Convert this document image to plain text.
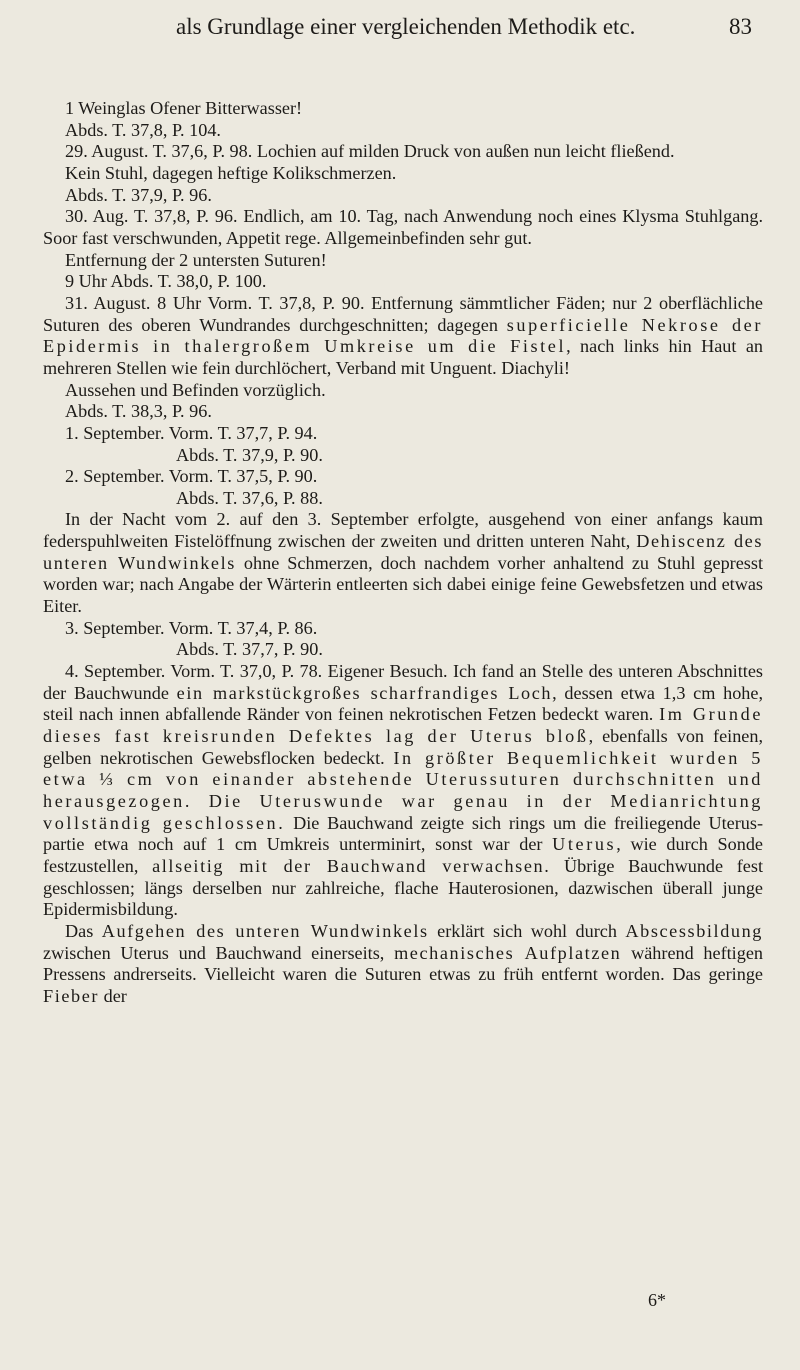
als Grundlage einer vergleichenden Methodik etc.	83

1 Weinglas Ofener Bitterwasser!

Abds. T. 37,8, P. 104.

29. August. T. 37,6, P. 98. Lochien auf milden Druck von außen nun leicht fließend.

Kein Stuhl, dagegen heftige Kolikschmerzen.

Abds. T. 37,9, P. 96.

30. Aug. T. 37,8, P. 96. Endlich, am 10. Tag, nach Anwendung noch eines Klysma Stuhlgang. Soor fast verschwunden, Appetit rege. Allgemeinbefinden sehr gut.

Entfernung der 2 untersten Suturen!

9 Uhr Abds. T. 38,0, P. 100.

31. August. 8 Uhr Vorm. T. 37,8, P. 90. Entfernung sämmtlicher Fäden; nur 2 oberflächliche Suturen des oberen Wundrandes durchgeschnitten; dagegen superficielle Nekrose der Epidermis in thalergroßem Umkreise um die Fistel, nach links hin Haut an mehreren Stellen wie fein durchlöchert, Verband mit Unguent. Diachyli!

Aussehen und Befinden vorzüglich.

Abds. T. 38,3, P. 96.

1. September. Vorm. T. 37,7, P. 94.

Abds. T. 37,9, P. 90.

2. September. Vorm. T. 37,5, P. 90.

Abds. T. 37,6, P. 88.

In der Nacht vom 2. auf den 3. September erfolgte, ausgehend von einer anfangs kaum federspuhlweiten Fistelöffnung zwischen der zweiten und dritten unteren Naht, Dehiscenz des unteren Wundwinkels ohne Schmerzen, doch nachdem vorher anhaltend zu Stuhl gepresst worden war; nach Angabe der Wärterin entleerten sich dabei einige feine Gewebsfetzen und etwas Eiter.

3. September. Vorm. T. 37,4, P. 86.

Abds. T. 37,7, P. 90.

4. September. Vorm. T. 37,0, P. 78. Eigener Besuch. Ich fand an Stelle des unteren Abschnittes der Bauchwunde ein markstückgroßes scharfrandiges Loch, dessen etwa 1,3 cm hohe, steil nach innen abfallende Ränder von feinen nekrotischen Fetzen bedeckt waren. Im Grunde dieses fast kreisrunden Defektes lag der Uterus bloß, ebenfalls von feinen, gelben nekrotischen Gewebsflocken bedeckt. In größter Bequemlichkeit wurden 5 etwa ⅓ cm von einander abstehende Uterussuturen durchschnitten und herausgezogen. Die Uteruswunde war genau in der Medianrichtung vollständig geschlossen. Die Bauchwand zeigte sich rings um die freiliegende Uteruspartie etwa noch auf 1 cm Umkreis unterminirt, sonst war der Uterus, wie durch Sonde festzustellen, allseitig mit der Bauchwand verwachsen. Übrige Bauchwunde fest geschlossen; längs derselben nur zahlreiche, flache Hauterosionen, dazwischen überall junge Epidermisbildung.

Das Aufgehen des unteren Wundwinkels erklärt sich wohl durch Abscessbildung zwischen Uterus und Bauchwand einerseits, mechanisches Aufplatzen während heftigen Pressens andrerseits. Vielleicht waren die Suturen etwas zu früh entfernt worden. Das geringe Fieber der

6*
